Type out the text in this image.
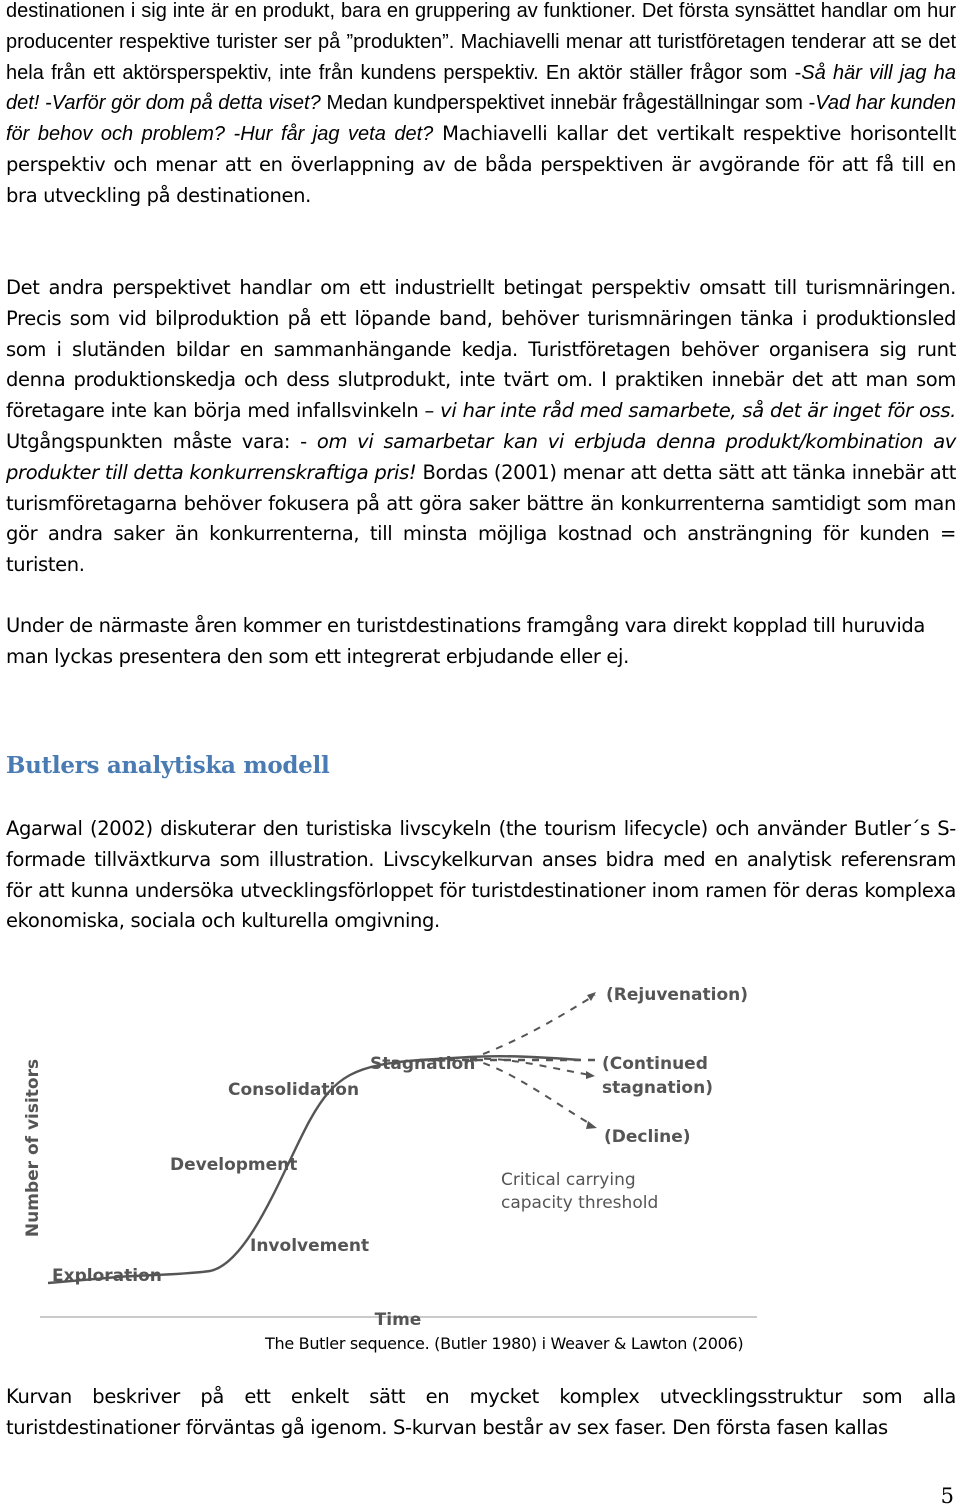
destinationen i sig inte är en produkt, bara en gruppering av funktioner. Det första synsättet handlar om hur producenter respektive turister ser på ”produkten”. Machiavelli menar att turistföretagen tenderar att se det hela från ett aktörsperspektiv, inte från kundens perspektiv. En aktör ställer frågor som -Så här vill jag ha det! -Varför gör dom på detta viset? Medan kundperspektivet innebär frågeställningar som -Vad har kunden för behov och problem? -Hur får jag veta det? Machiavelli kallar det vertikalt respektive horisontellt perspektiv och menar att en överlappning av de båda perspektiven är avgörande för att få till en bra utveckling på destinationen.
Det andra perspektivet handlar om ett industriellt betingat perspektiv omsatt till turismnäringen. Precis som vid bilproduktion på ett löpande band, behöver turismnäringen tänka i produktionsled som i slutänden bildar en sammanhängande kedja. Turistföretagen behöver organisera sig runt denna produktionskedja och dess slutprodukt, inte tvärt om. I praktiken innebär det att man som företagare inte kan börja med infallsvinkeln – vi har inte råd med samarbete, så det är inget för oss. Utgångspunkten måste vara: - om vi samarbetar kan vi erbjuda denna produkt/kombination av produkter till detta konkurrenskraftiga pris! Bordas (2001) menar att detta sätt att tänka innebär att turismföretagarna behöver fokusera på att göra saker bättre än konkurrenterna samtidigt som man gör andra saker än konkurrenterna, till minsta möjliga kostnad och ansträngning för kunden = turisten.
Under de närmaste åren kommer en turistdestinations framgång vara direkt kopplad till huruvida man lyckas presentera den som ett integrerat erbjudande eller ej.
Butlers analytiska modell
Agarwal (2002) diskuterar den turistiska livscykeln (the tourism lifecycle) och använder Butler´s S-formade tillväxtkurva som illustration. Livscykelkurvan anses bidra med en analytisk referensram för att kunna undersöka utvecklingsförloppet för turistdestinationer inom ramen för deras komplexa ekonomiska, sociala och kulturella omgivning.
Number of visitors
Time
Exploration
Involvement
Development
Consolidation
Stagnation
(Rejuvenation)
(Continued
stagnation)
(Decline)
Critical carrying
capacity threshold
The Butler sequence. (Butler 1980) i Weaver & Lawton (2006)
Kurvan beskriver på ett enkelt sätt en mycket komplex utvecklingsstruktur som alla turistdestinationer förväntas gå igenom. S-kurvan består av sex faser. Den första fasen kallas
5
